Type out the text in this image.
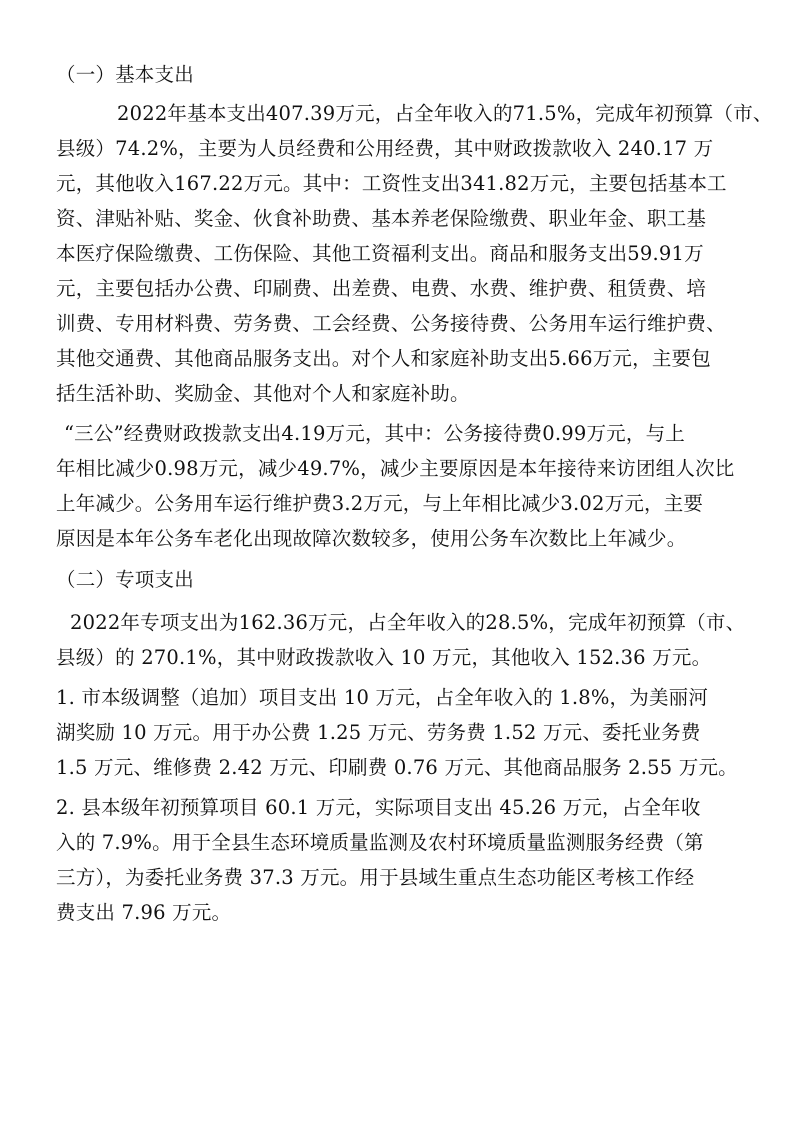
（一）基本支出
2022年基本支出407.39万元，占全年收入的71.5%，完成年初预算（市、
县级）74.2%，主要为人员经费和公用经费，其中财政拨款收入 240.17 万
元，其他收入167.22万元。其中：工资性支出341.82万元，主要包括基本工
资、津贴补贴、奖金、伙食补助费、基本养老保险缴费、职业年金、职工基
本医疗保险缴费、工伤保险、其他工资福利支出。商品和服务支出59.91万
元，主要包括办公费、印刷费、出差费、电费、水费、维护费、租赁费、培
训费、专用材料费、劳务费、工会经费、公务接待费、公务用车运行维护费、
其他交通费、其他商品服务支出。对个人和家庭补助支出5.66万元，主要包
括生活补助、奖励金、其他对个人和家庭补助。
“三公”经费财政拨款支出4.19万元，其中：公务接待费0.99万元，与上
年相比减少0.98万元，减少49.7%，减少主要原因是本年接待来访团组人次比
上年减少。公务用车运行维护费3.2万元，与上年相比减少3.02万元，主要
原因是本年公务车老化出现故障次数较多，使用公务车次数比上年减少。
（二）专项支出
2022年专项支出为162.36万元，占全年收入的28.5%，完成年初预算（市、
县级）的 270.1%，其中财政拨款收入 10 万元，其他收入 152.36 万元。
1. 市本级调整（追加）项目支出 10 万元，占全年收入的 1.8%，为美丽河
湖奖励 10 万元。用于办公费 1.25 万元、劳务费 1.52 万元、委托业务费
1.5 万元、维修费 2.42 万元、印刷费 0.76 万元、其他商品服务 2.55 万元。
2. 县本级年初预算项目 60.1 万元，实际项目支出 45.26 万元，占全年收
入的 7.9%。用于全县生态环境质量监测及农村环境质量监测服务经费（第
三方），为委托业务费 37.3 万元。用于县域生重点生态功能区考核工作经
费支出 7.96 万元。
